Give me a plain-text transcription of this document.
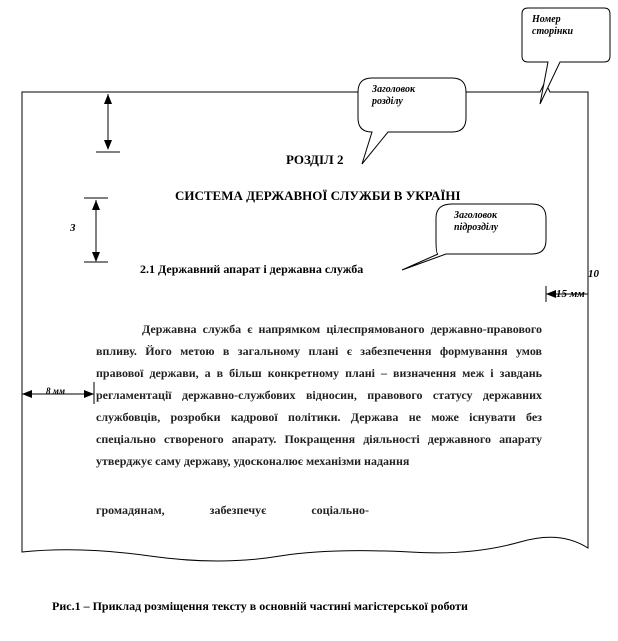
Номер
сторінки
Заголовок
розділу
Заголовок
підрозділу
3
10
15 мм
8 мм
РОЗДІЛ 2
СИСТЕМА ДЕРЖАВНОЇ СЛУЖБИ В УКРАЇНІ
2.1 Державний апарат і державна служба
Державна служба є напрямком цілеспрямованого державно-правового впливу. Його метою в загальному плані є забезпечення формування умов правової держави, а в більш конкретному плані – визначення меж і завдань регламентації державно-службових відносин, правового статусу державних службовців, розробки кадрової політики. Держава не може існувати без спеціально створеного апарату. Покращення діяльності державного апарату утверджує саму державу, удосконалює механізми надання
громадянам,	забезпечує	соціально-
Рис.1 – Приклад розміщення тексту в основній частині магістерської роботи
